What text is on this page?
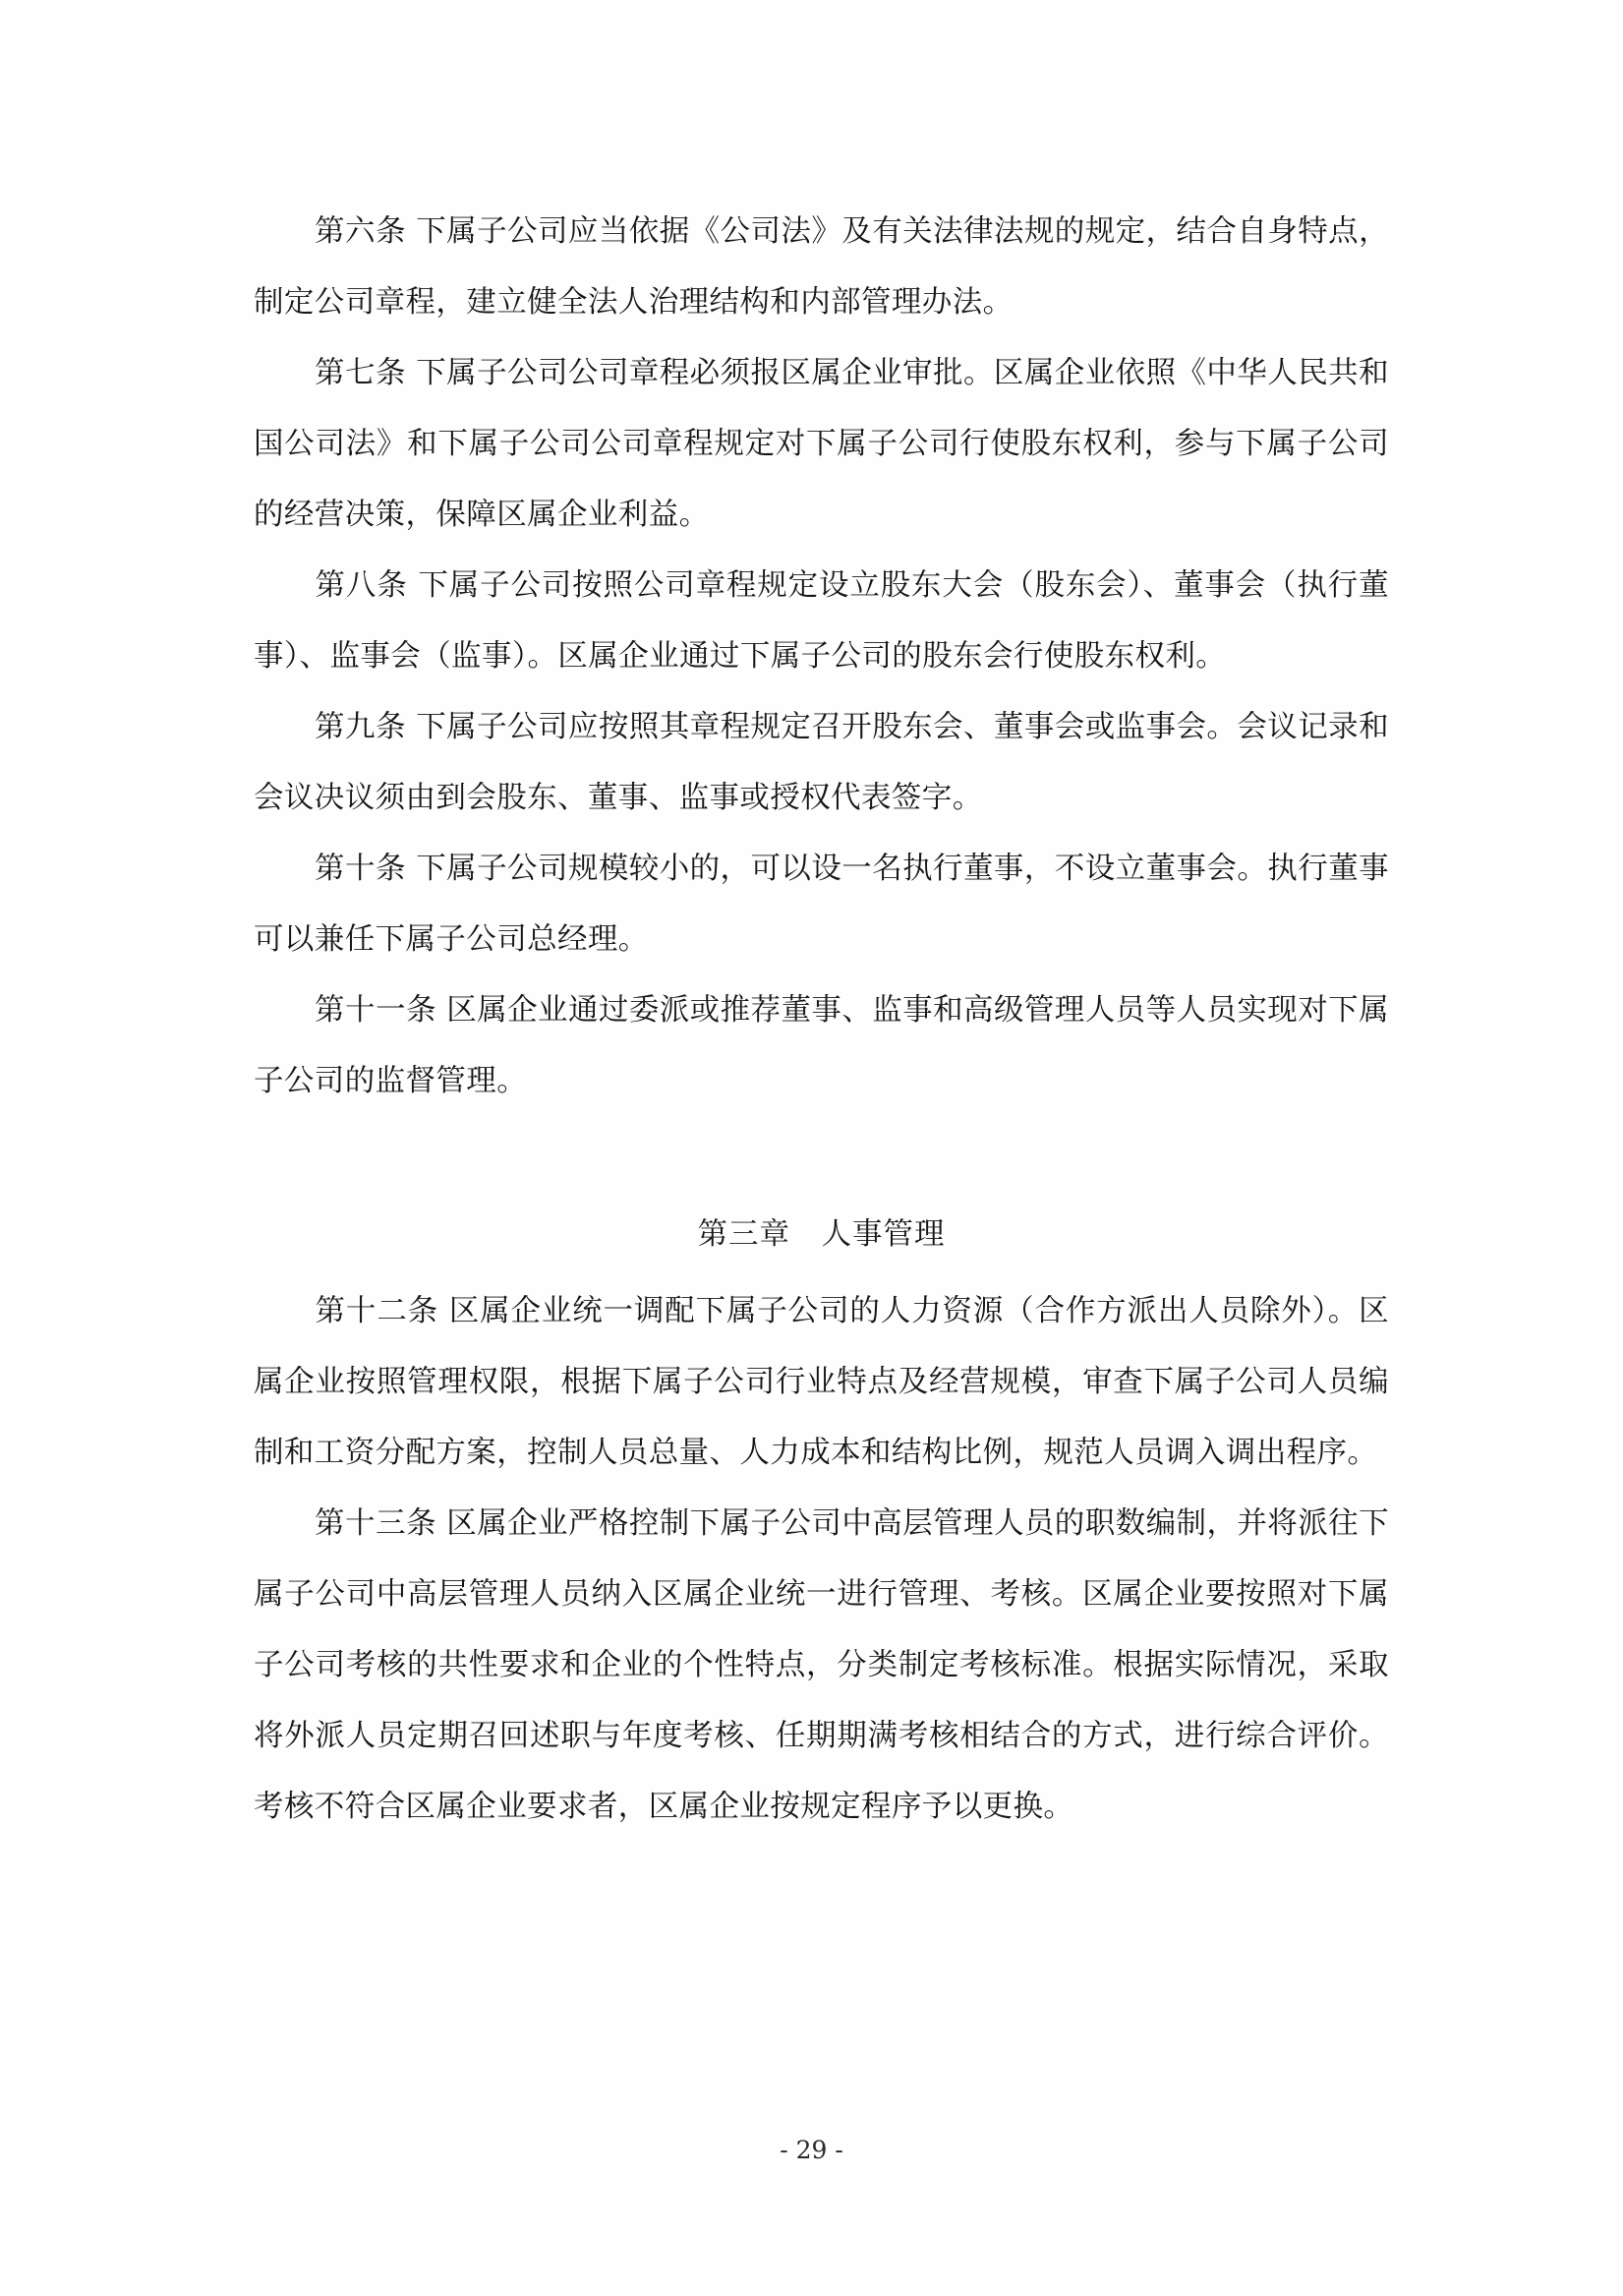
第六条 下属子公司应当依据《公司法》及有关法律法规的规定，结合自身特点，制定公司章程，建立健全法人治理结构和内部管理办法。

第七条 下属子公司公司章程必须报区属企业审批。区属企业依照《中华人民共和国公司法》和下属子公司公司章程规定对下属子公司行使股东权利，参与下属子公司的经营决策，保障区属企业利益。

第八条 下属子公司按照公司章程规定设立股东大会（股东会）、董事会（执行董事）、监事会（监事）。区属企业通过下属子公司的股东会行使股东权利。

第九条 下属子公司应按照其章程规定召开股东会、董事会或监事会。会议记录和会议决议须由到会股东、董事、监事或授权代表签字。

第十条 下属子公司规模较小的，可以设一名执行董事，不设立董事会。执行董事可以兼任下属子公司总经理。

第十一条 区属企业通过委派或推荐董事、监事和高级管理人员等人员实现对下属子公司的监督管理。

第三章　人事管理

第十二条 区属企业统一调配下属子公司的人力资源（合作方派出人员除外）。区属企业按照管理权限，根据下属子公司行业特点及经营规模，审查下属子公司人员编制和工资分配方案，控制人员总量、人力成本和结构比例，规范人员调入调出程序。

第十三条 区属企业严格控制下属子公司中高层管理人员的职数编制，并将派往下属子公司中高层管理人员纳入区属企业统一进行管理、考核。区属企业要按照对下属子公司考核的共性要求和企业的个性特点，分类制定考核标准。根据实际情况，采取将外派人员定期召回述职与年度考核、任期期满考核相结合的方式，进行综合评价。考核不符合区属企业要求者，区属企业按规定程序予以更换。

- 29 -
